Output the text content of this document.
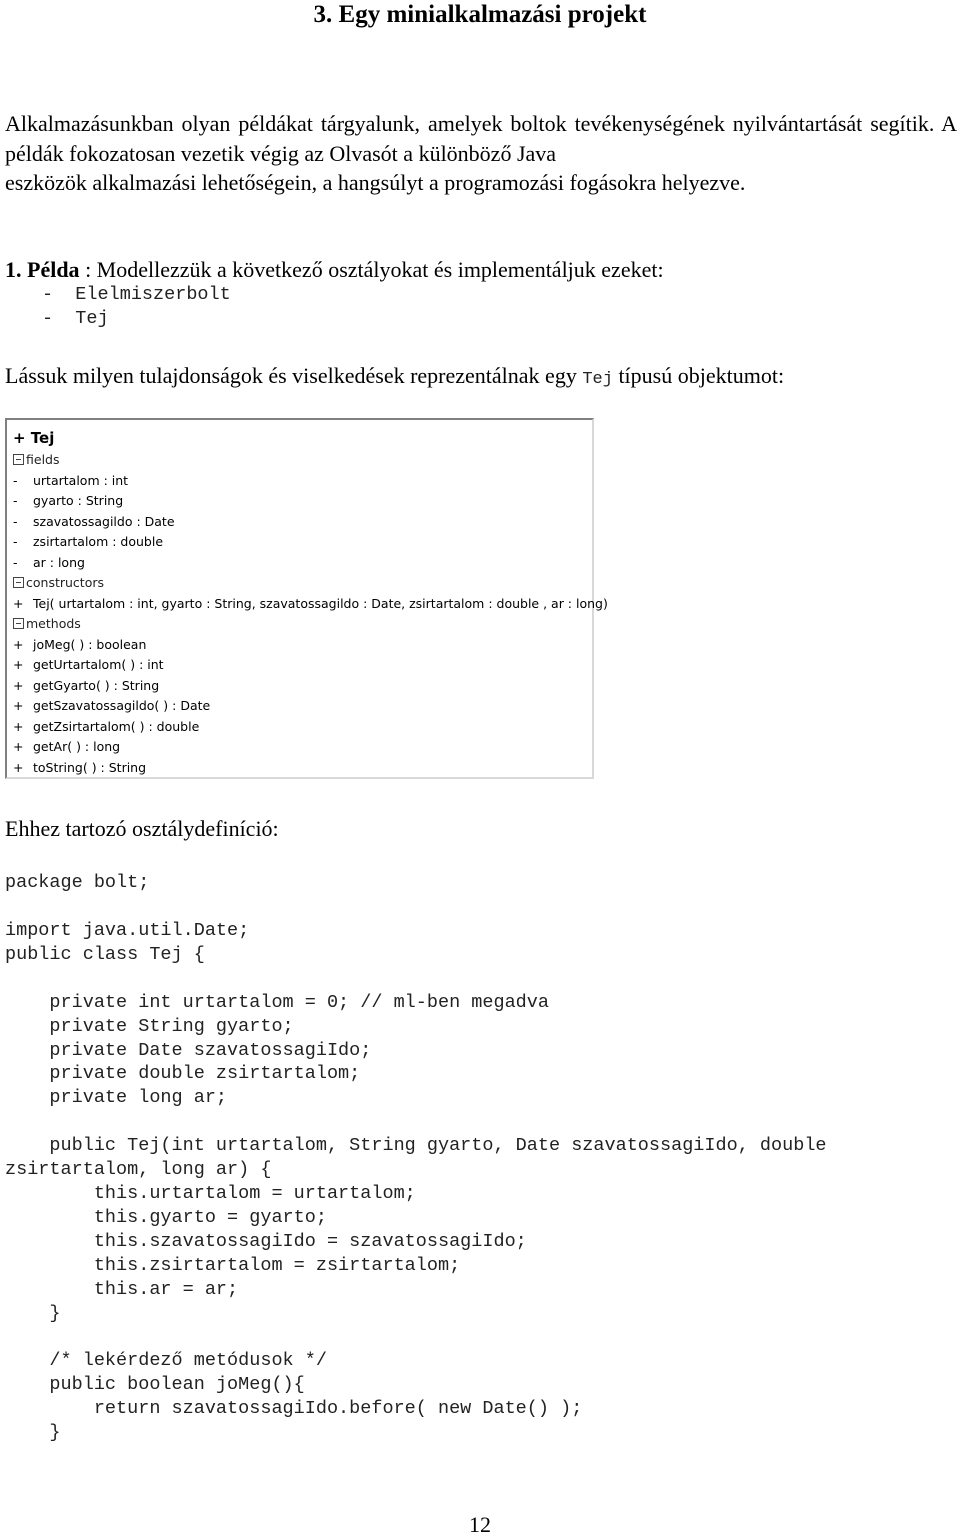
3. Egy minialkalmazási projekt
Alkalmazásunkban olyan példákat tárgyalunk, amelyek boltok tevékenységének nyilvántartását segítik. A példák fokozatosan vezetik végig az Olvasót a különböző Java
eszközök alkalmazási lehetőségein, a hangsúlyt a programozási fogásokra helyezve.
1. Példa : Modellezzük a következő osztályokat és implementáljuk ezeket:
-  Elelmiszerbolt
-  Tej
Lássuk milyen tulajdonságok és viselkedések reprezentálnak egy Tej típusú objektumot:
+ Tej
fields
- urtartalom : int
- gyarto : String
- szavatossagildo : Date
- zsirtartalom : double
- ar : long
constructors
+ Tej( urtartalom : int, gyarto : String, szavatossagildo : Date, zsirtartalom : double , ar : long)
methods
+ joMeg( ) : boolean
+ getUrtartalom( ) : int
+ getGyarto( ) : String
+ getSzavatossagildo( ) : Date
+ getZsirtartalom( ) : double
+ getAr( ) : long
+ toString( ) : String
Ehhez tartozó osztálydefiníció:
package bolt;
import java.util.Date;
public class Tej {

private int urtartalom = 0; // ml-ben megadva
private String gyarto;
private Date szavatossagiIdo;
private double zsirtartalom;
private long ar;

public Tej(int urtartalom, String gyarto, Date szavatossagiIdo, double
zsirtartalom, long ar) {
this.urtartalom = urtartalom;
this.gyarto = gyarto;
this.szavatossagiIdo = szavatossagiIdo;
this.zsirtartalom = zsirtartalom;
this.ar = ar;
}

/* lekérdező metódusok */
public boolean joMeg(){
return szavatossagiIdo.before( new Date() );
}
12
